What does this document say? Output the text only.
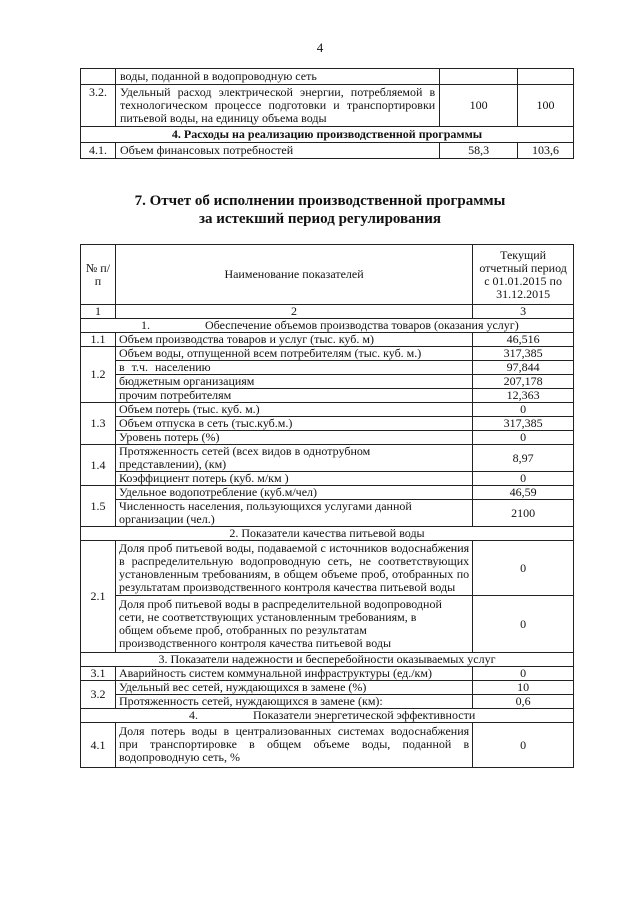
4
	воды, поданной в водопроводную сеть		
3.2.	Удельный расход электрической энергии, потребляемой в технологическом процессе подготовки и транспортировки питьевой воды, на единицу объема воды	100	100
4. Расходы на реализацию производственной программы			
4.1.	Объем финансовых потребностей	58,3	103,6
7. Отчет об исполнении производственной программы
за истекший период регулирования
№ п/п	Наименование показателей	Текущий отчетный период с 01.01.2015 по 31.12.2015
1	2	3
1. Обеспечение объемов производства товаров (оказания услуг)		
1.1	Объем производства товаров и услуг (тыс. куб. м)	46,516
1.2	Объем воды, отпущенной всем потребителям (тыс. куб. м.)	317,385
	в т.ч. населению	97,844
	бюджетным организациям	207,178
	прочим потребителям	12,363
1.3	Объем потерь (тыс. куб. м.)	0
	Объем отпуска в сеть (тыс.куб.м.)	317,385
	Уровень потерь (%)	0
1.4	Протяженность сетей (всех видов в однотрубном представлении), (км)	8,97
	Коэффициент потерь (куб. м/км )	0
1.5	Удельное водопотребление (куб.м/чел)	46,59
	Численность населения, пользующихся услугами данной организации (чел.)	2100
2. Показатели качества питьевой воды		
2.1	Доля проб питьевой воды, подаваемой с источников водоснабжения в распределительную водопроводную сеть, не соответствующих установленным требованиям, в общем объеме проб, отобранных по результатам производственного контроля качества питьевой воды	0
	Доля проб питьевой воды в распределительной водопроводной сети, не соответствующих установленным требованиям, в общем объеме проб, отобранных по результатам производственного контроля качества питьевой воды	0
3. Показатели надежности и бесперебойности оказываемых услуг		
3.1	Аварийность систем коммунальной инфраструктуры (ед./км)	0
3.2	Удельный вес сетей, нуждающихся в замене (%)	10
	Протяженность сетей, нуждающихся в замене (км):	0,6
4. Показатели энергетической эффективности		
4.1	Доля потерь воды в централизованных системах водоснабжения при транспортировке в общем объеме воды, поданной в водопроводную сеть, %	0
